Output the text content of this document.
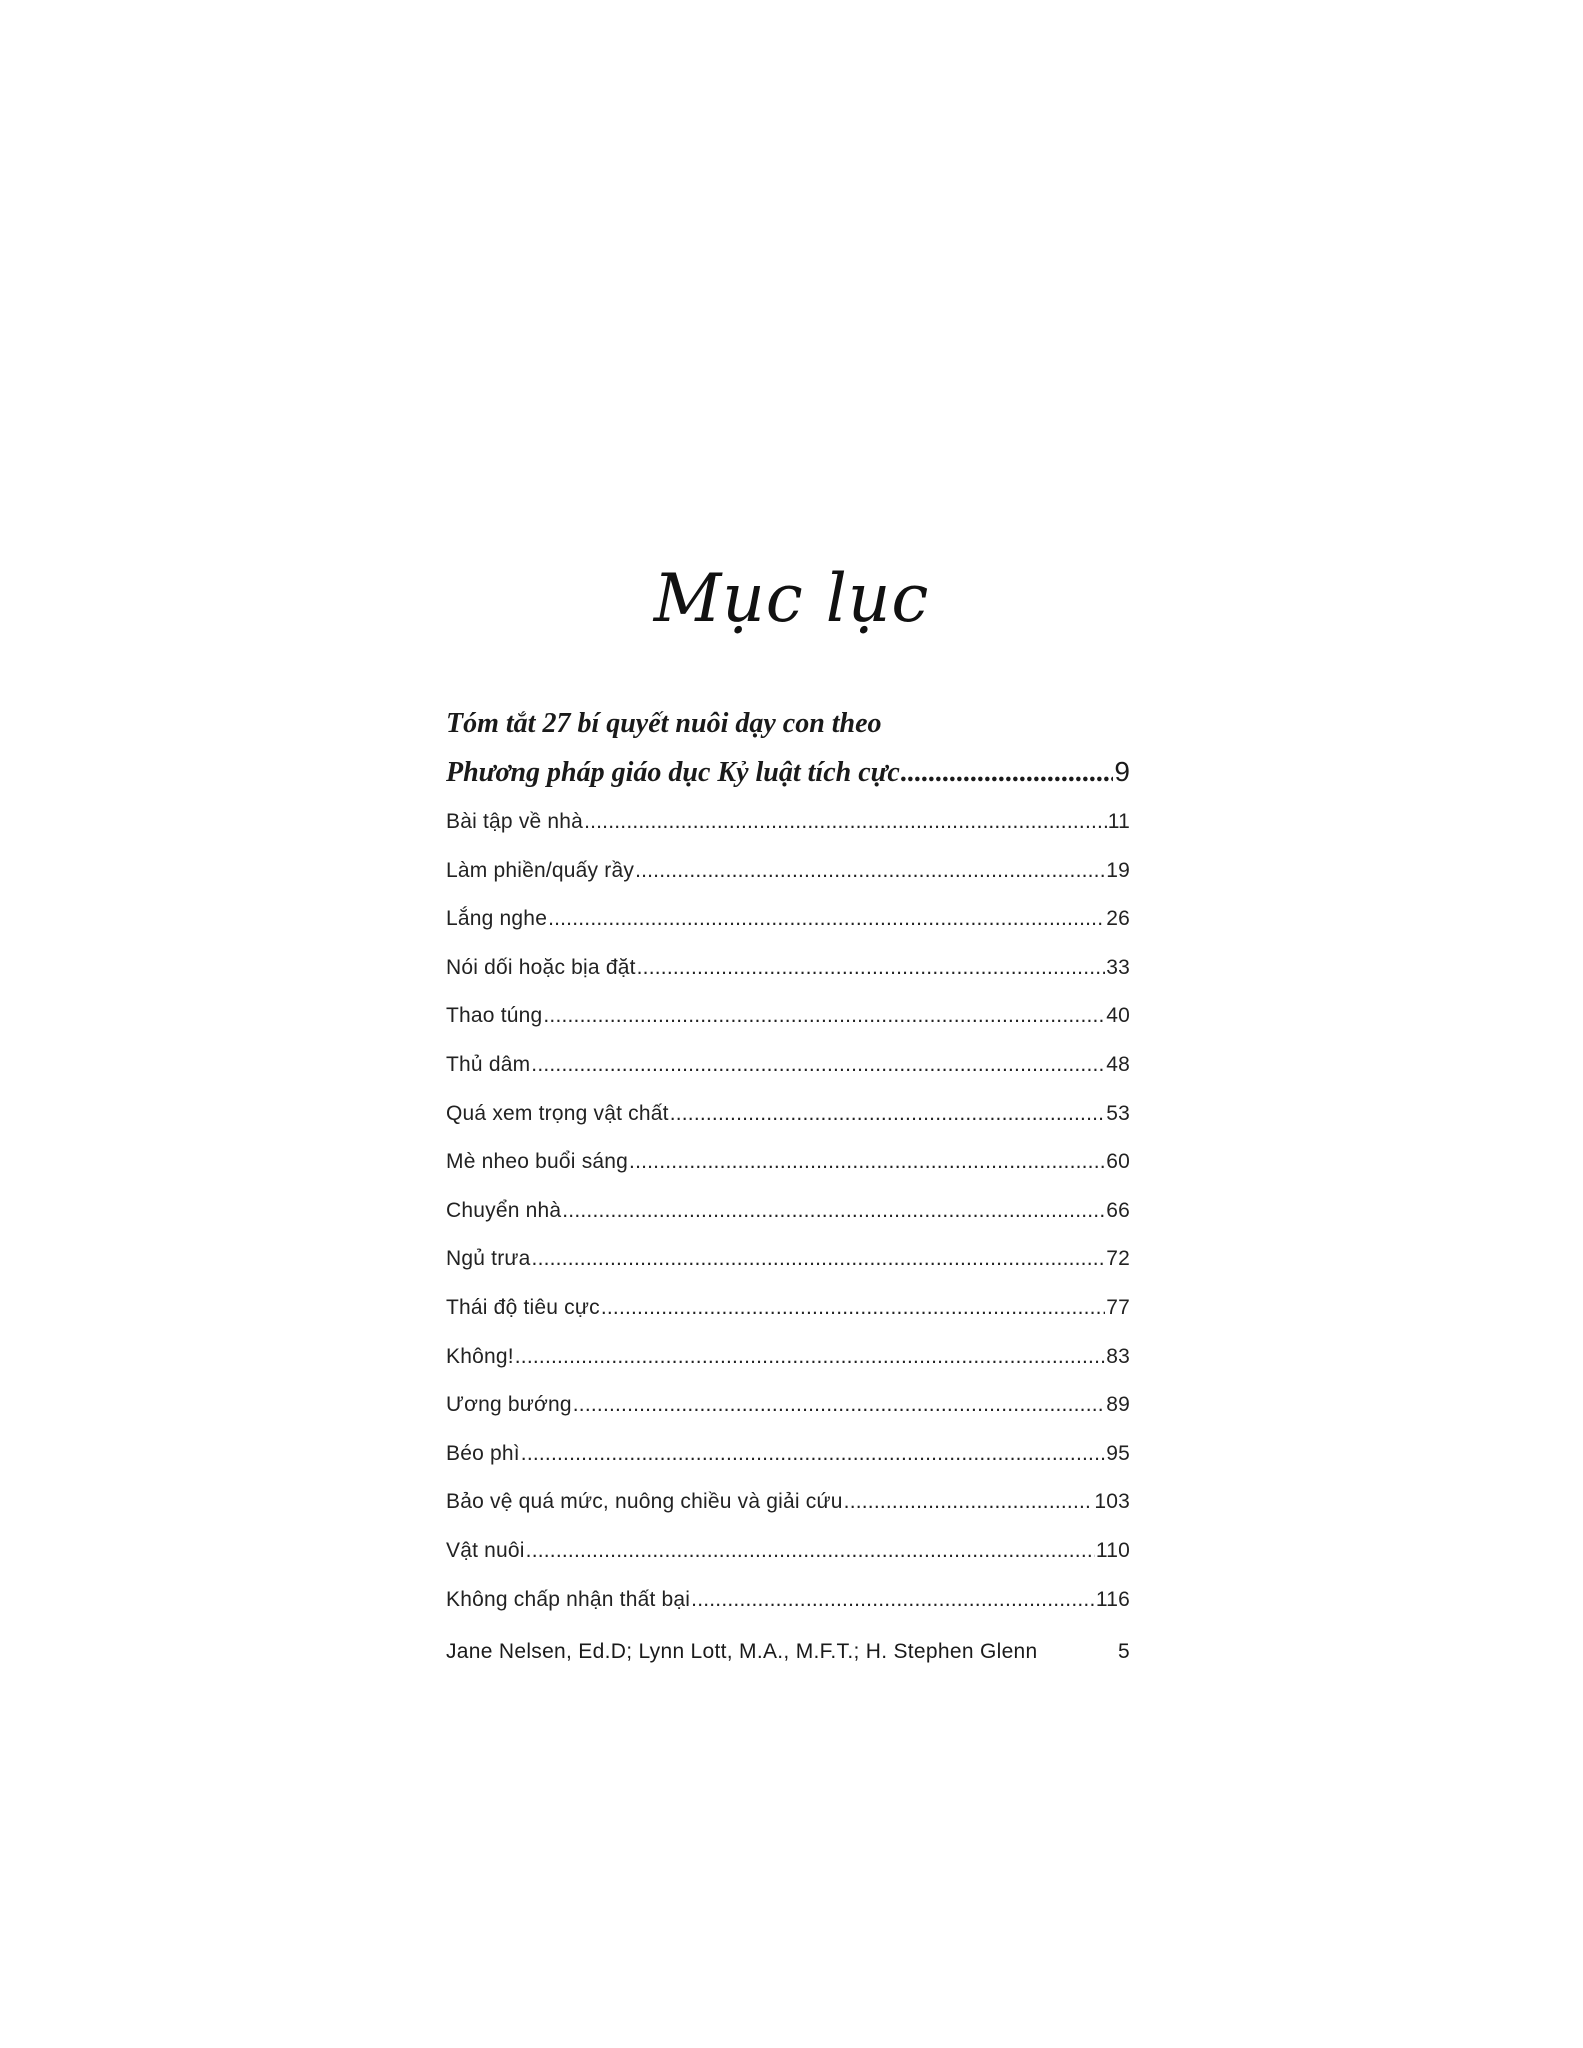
Mục lục
Tóm tắt 27 bí quyết nuôi dạy con theo
Phương pháp giáo dục Kỷ luật tích cực .....	9
Bài tập về nhà .....	11
Làm phiền/quấy rầy .....	19
Lắng nghe .....	26
Nói dối hoặc bịa đặt .....	33
Thao túng .....	40
Thủ dâm .....	48
Quá xem trọng vật chất .....	53
Mè nheo buổi sáng .....	60
Chuyển nhà .....	66
Ngủ trưa .....	72
Thái độ tiêu cực .....	77
Không! .....	83
Ương bướng .....	89
Béo phì .....	95
Bảo vệ quá mức, nuông chiều và giải cứu .....	103
Vật nuôi .....	110
Không chấp nhận thất bại .....	116
Jane Nelsen, Ed.D; Lynn Lott, M.A., M.F.T.; H. Stephen Glenn	5
